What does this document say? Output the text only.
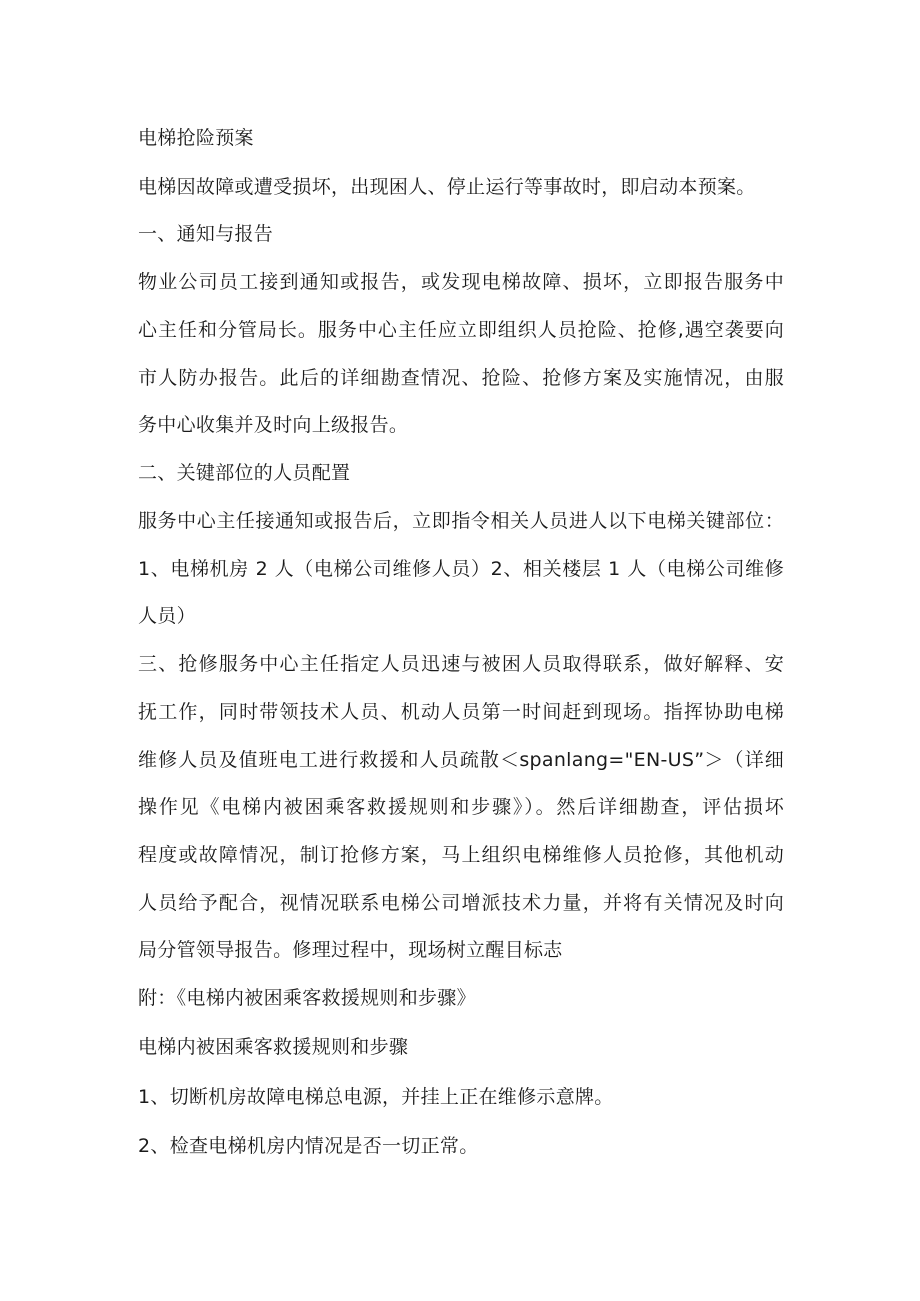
电梯抢险预案
电梯因故障或遭受损坏，出现困人、停止运行等事故时，即启动本预案。
一、通知与报告
物业公司员工接到通知或报告，或发现电梯故障、损坏，立即报告服务中
心主任和分管局长。服务中心主任应立即组织人员抢险、抢修,遇空袭要向
市人防办报告。此后的详细勘查情况、抢险、抢修方案及实施情况，由服
务中心收集并及时向上级报告。
二、关键部位的人员配置
服务中心主任接通知或报告后，立即指令相关人员进人以下电梯关键部位：
1、电梯机房 2 人（电梯公司维修人员）2、相关楼层 1 人（电梯公司维修
人员）
三、抢修服务中心主任指定人员迅速与被困人员取得联系，做好解释、安
抚工作，同时带领技术人员、机动人员第一时间赶到现场。指挥协助电梯
维修人员及值班电工进行救援和人员疏散＜spanlang="EN-US”＞（详细
操作见《电梯内被困乘客救援规则和步骤》）。然后详细勘查，评估损坏
程度或故障情况，制订抢修方案，马上组织电梯维修人员抢修，其他机动
人员给予配合，视情况联系电梯公司增派技术力量，并将有关情况及时向
局分管领导报告。修理过程中，现场树立醒目标志
附：《电梯内被困乘客救援规则和步骤》
电梯内被困乘客救援规则和步骤
1、切断机房故障电梯总电源，并挂上正在维修示意牌。
2、检查电梯机房内情况是否一切正常。
